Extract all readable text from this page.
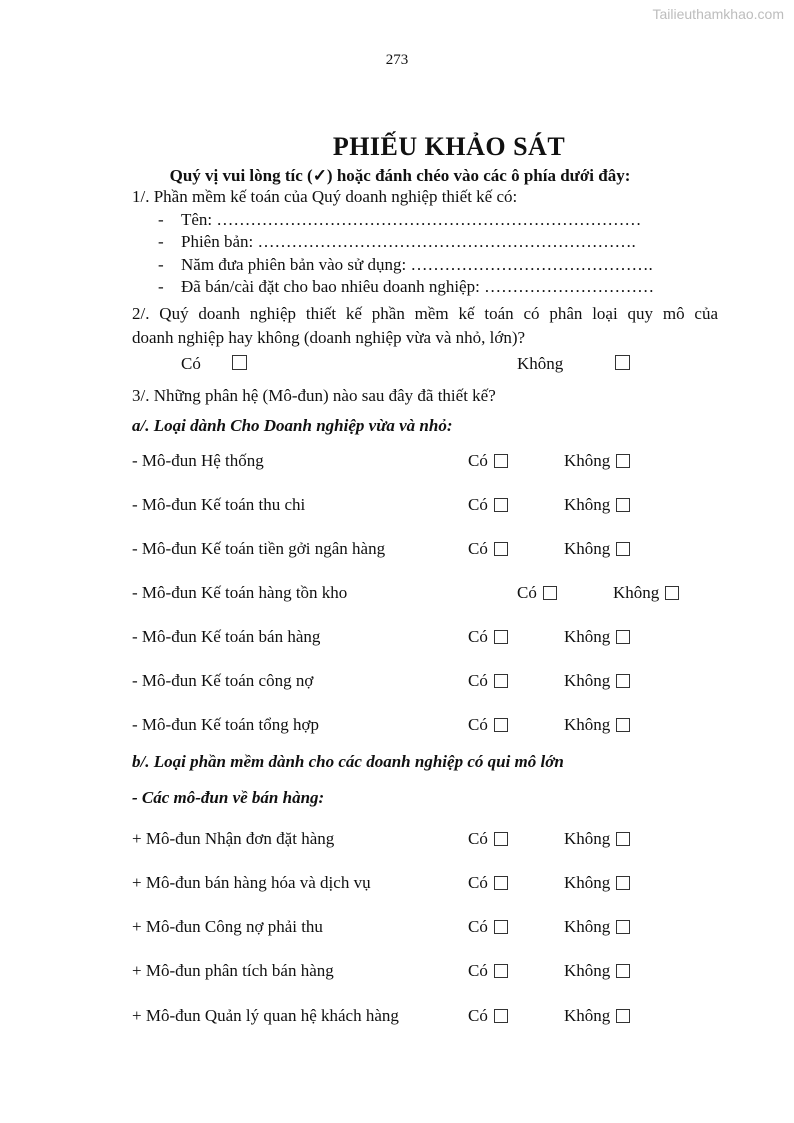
Tailieuthamkhao.com
273
PHIẾU KHẢO SÁT
Quý vị vui lòng tíc (✓) hoặc đánh chéo vào các ô phía dưới đây:
1/. Phần mềm kế toán của Quý doanh nghiệp thiết kế có:
- Tên: …………………………………………………………………
- Phiên bản: ………………………………………………………….
- Năm đưa phiên bản vào sử dụng: …………………………………….
- Đã bán/cài đặt cho bao nhiêu doanh nghiệp: …………………………
2/. Quý doanh nghiệp thiết kế phần mềm kế toán có phân loại quy mô của
doanh nghiệp hay không (doanh nghiệp vừa và nhỏ, lớn)?
Có	Không
3/. Những phân hệ (Mô-đun) nào sau đây đã thiết kế?
a/. Loại dành Cho Doanh nghiệp vừa và nhỏ:
- Mô-đun Hệ thống	Có	Không
- Mô-đun Kế toán thu chi	Có	Không
- Mô-đun Kế toán tiền gởi ngân hàng	Có	Không
- Mô-đun Kế toán hàng tồn kho	Có	Không
- Mô-đun Kế toán bán hàng	Có	Không
- Mô-đun Kế toán công nợ	Có	Không
- Mô-đun Kế toán tổng hợp	Có	Không
b/. Loại phần mềm dành cho các doanh nghiệp có qui mô lớn
- Các mô-đun về bán hàng:
+ Mô-đun Nhận đơn đặt hàng	Có	Không
+ Mô-đun bán hàng hóa và dịch vụ	Có	Không
+ Mô-đun Công nợ phải thu	Có	Không
+ Mô-đun phân tích bán hàng	Có	Không
+ Mô-đun Quản lý quan hệ khách hàng	Có	Không
